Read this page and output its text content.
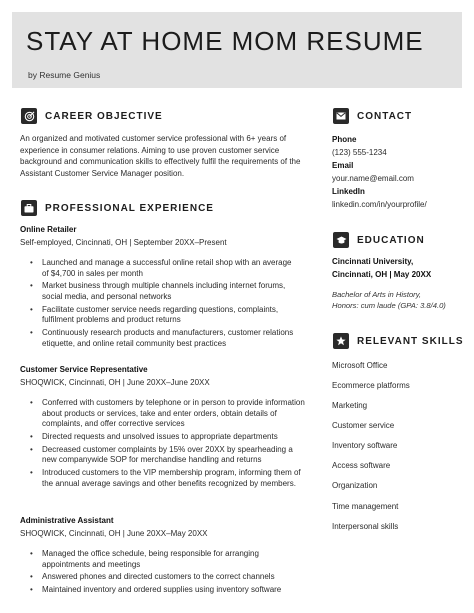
STAY AT HOME MOM RESUME
by Resume Genius
CAREER OBJECTIVE
An organized and motivated customer service professional with 6+ years of experience in consumer relations. Aiming to use proven customer service background and communication skills to effectively fulfil the requirements of the Assistant Customer Service Manager position.
PROFESSIONAL EXPERIENCE
Online Retailer
Self-employed, Cincinnati, OH | September 20XX–Present
• Launched and manage a successful online retail shop with an average of $4,700 in sales per month
• Market business through multiple channels including internet forums, social media, and personal networks
• Facilitate customer service needs regarding questions, complaints, fulfilment problems and product returns
• Continuously research products and manufacturers, customer relations etiquette, and online retail community best practices
Customer Service Representative
SHOQWICK, Cincinnati, OH | June 20XX–June 20XX
• Conferred with customers by telephone or in person to provide information about products or services, take and enter orders, obtain details of complaints, and offer corrective services
• Directed requests and unsolved issues to appropriate departments
• Decreased customer complaints by 15% over 20XX by spearheading a new companywide SOP for merchandise handling and returns
• Introduced customers to the VIP membership program, informing them of the annual average savings and other benefits recognized by members.
Administrative Assistant
SHOQWICK, Cincinnati, OH | June 20XX–May 20XX
• Managed the office schedule, being responsible for arranging appointments and meetings
• Answered phones and directed customers to the correct channels
• Maintained inventory and ordered supplies using inventory software
CONTACT
Phone
(123) 555-1234
Email
your.name@email.com
LinkedIn
linkedin.com/in/yourprofile/
EDUCATION
Cincinnati University,
Cincinnati, OH | May 20XX
Bachelor of Arts in History,
Honors: cum laude (GPA: 3.8/4.0)
RELEVANT SKILLS
Microsoft Office
Ecommerce platforms
Marketing
Customer service
Inventory software
Access software
Organization
Time management
Interpersonal skills
